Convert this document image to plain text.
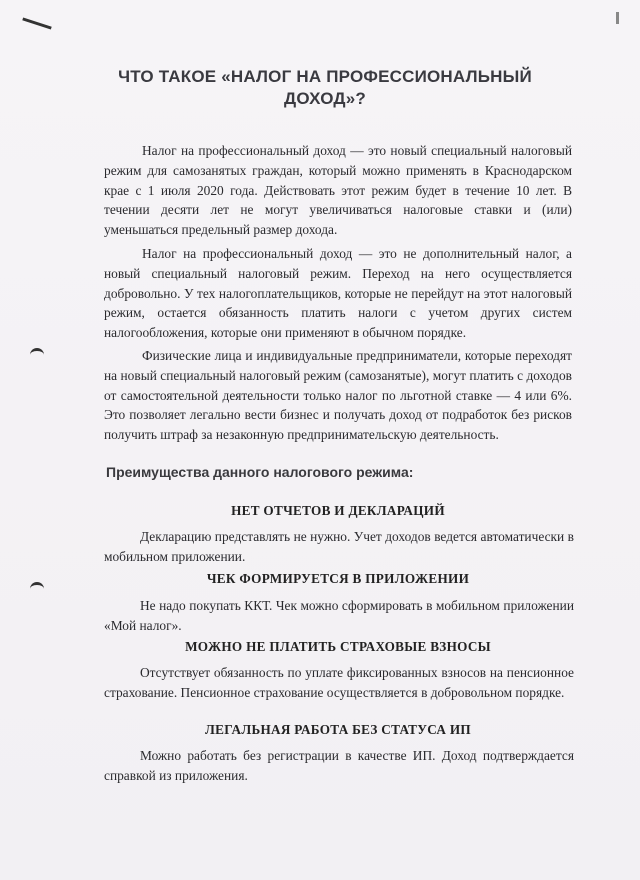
ЧТО ТАКОЕ «НАЛОГ НА ПРОФЕССИОНАЛЬНЫЙ ДОХОД»?

Налог на профессиональный доход — это новый специальный налоговый режим для самозанятых граждан, который можно применять в Краснодарском крае с 1 июля 2020 года. Действовать этот режим будет в течение 10 лет. В течении десяти лет не могут увеличиваться налоговые ставки и (или) уменьшаться предельный размер дохода.

Налог на профессиональный доход — это не дополнительный налог, а новый специальный налоговый режим. Переход на него осуществляется добровольно. У тех налогоплательщиков, которые не перейдут на этот налоговый режим, остается обязанность платить налоги с учетом других систем налогообложения, которые они применяют в обычном порядке.

Физические лица и индивидуальные предприниматели, которые переходят на новый специальный налоговый режим (самозанятые), могут платить с доходов от самостоятельной деятельности только налог по льготной ставке — 4 или 6%. Это позволяет легально вести бизнес и получать доход от подработок без рисков получить штраф за незаконную предпринимательскую деятельность.

Преимущества данного налогового режима:
НЕТ ОТЧЕТОВ И ДЕКЛАРАЦИЙ

Декларацию представлять не нужно. Учет доходов ведется автоматически в мобильном приложении.

ЧЕК ФОРМИРУЕТСЯ В ПРИЛОЖЕНИИ

Не надо покупать ККТ. Чек можно сформировать в мобильном приложении «Мой налог».

МОЖНО НЕ ПЛАТИТЬ СТРАХОВЫЕ ВЗНОСЫ

Отсутствует обязанность по уплате фиксированных взносов на пенсионное страхование. Пенсионное страхование осуществляется в добровольном порядке.

ЛЕГАЛЬНАЯ РАБОТА БЕЗ СТАТУСА ИП

Можно работать без регистрации в качестве ИП. Доход подтверждается справкой из приложения.
